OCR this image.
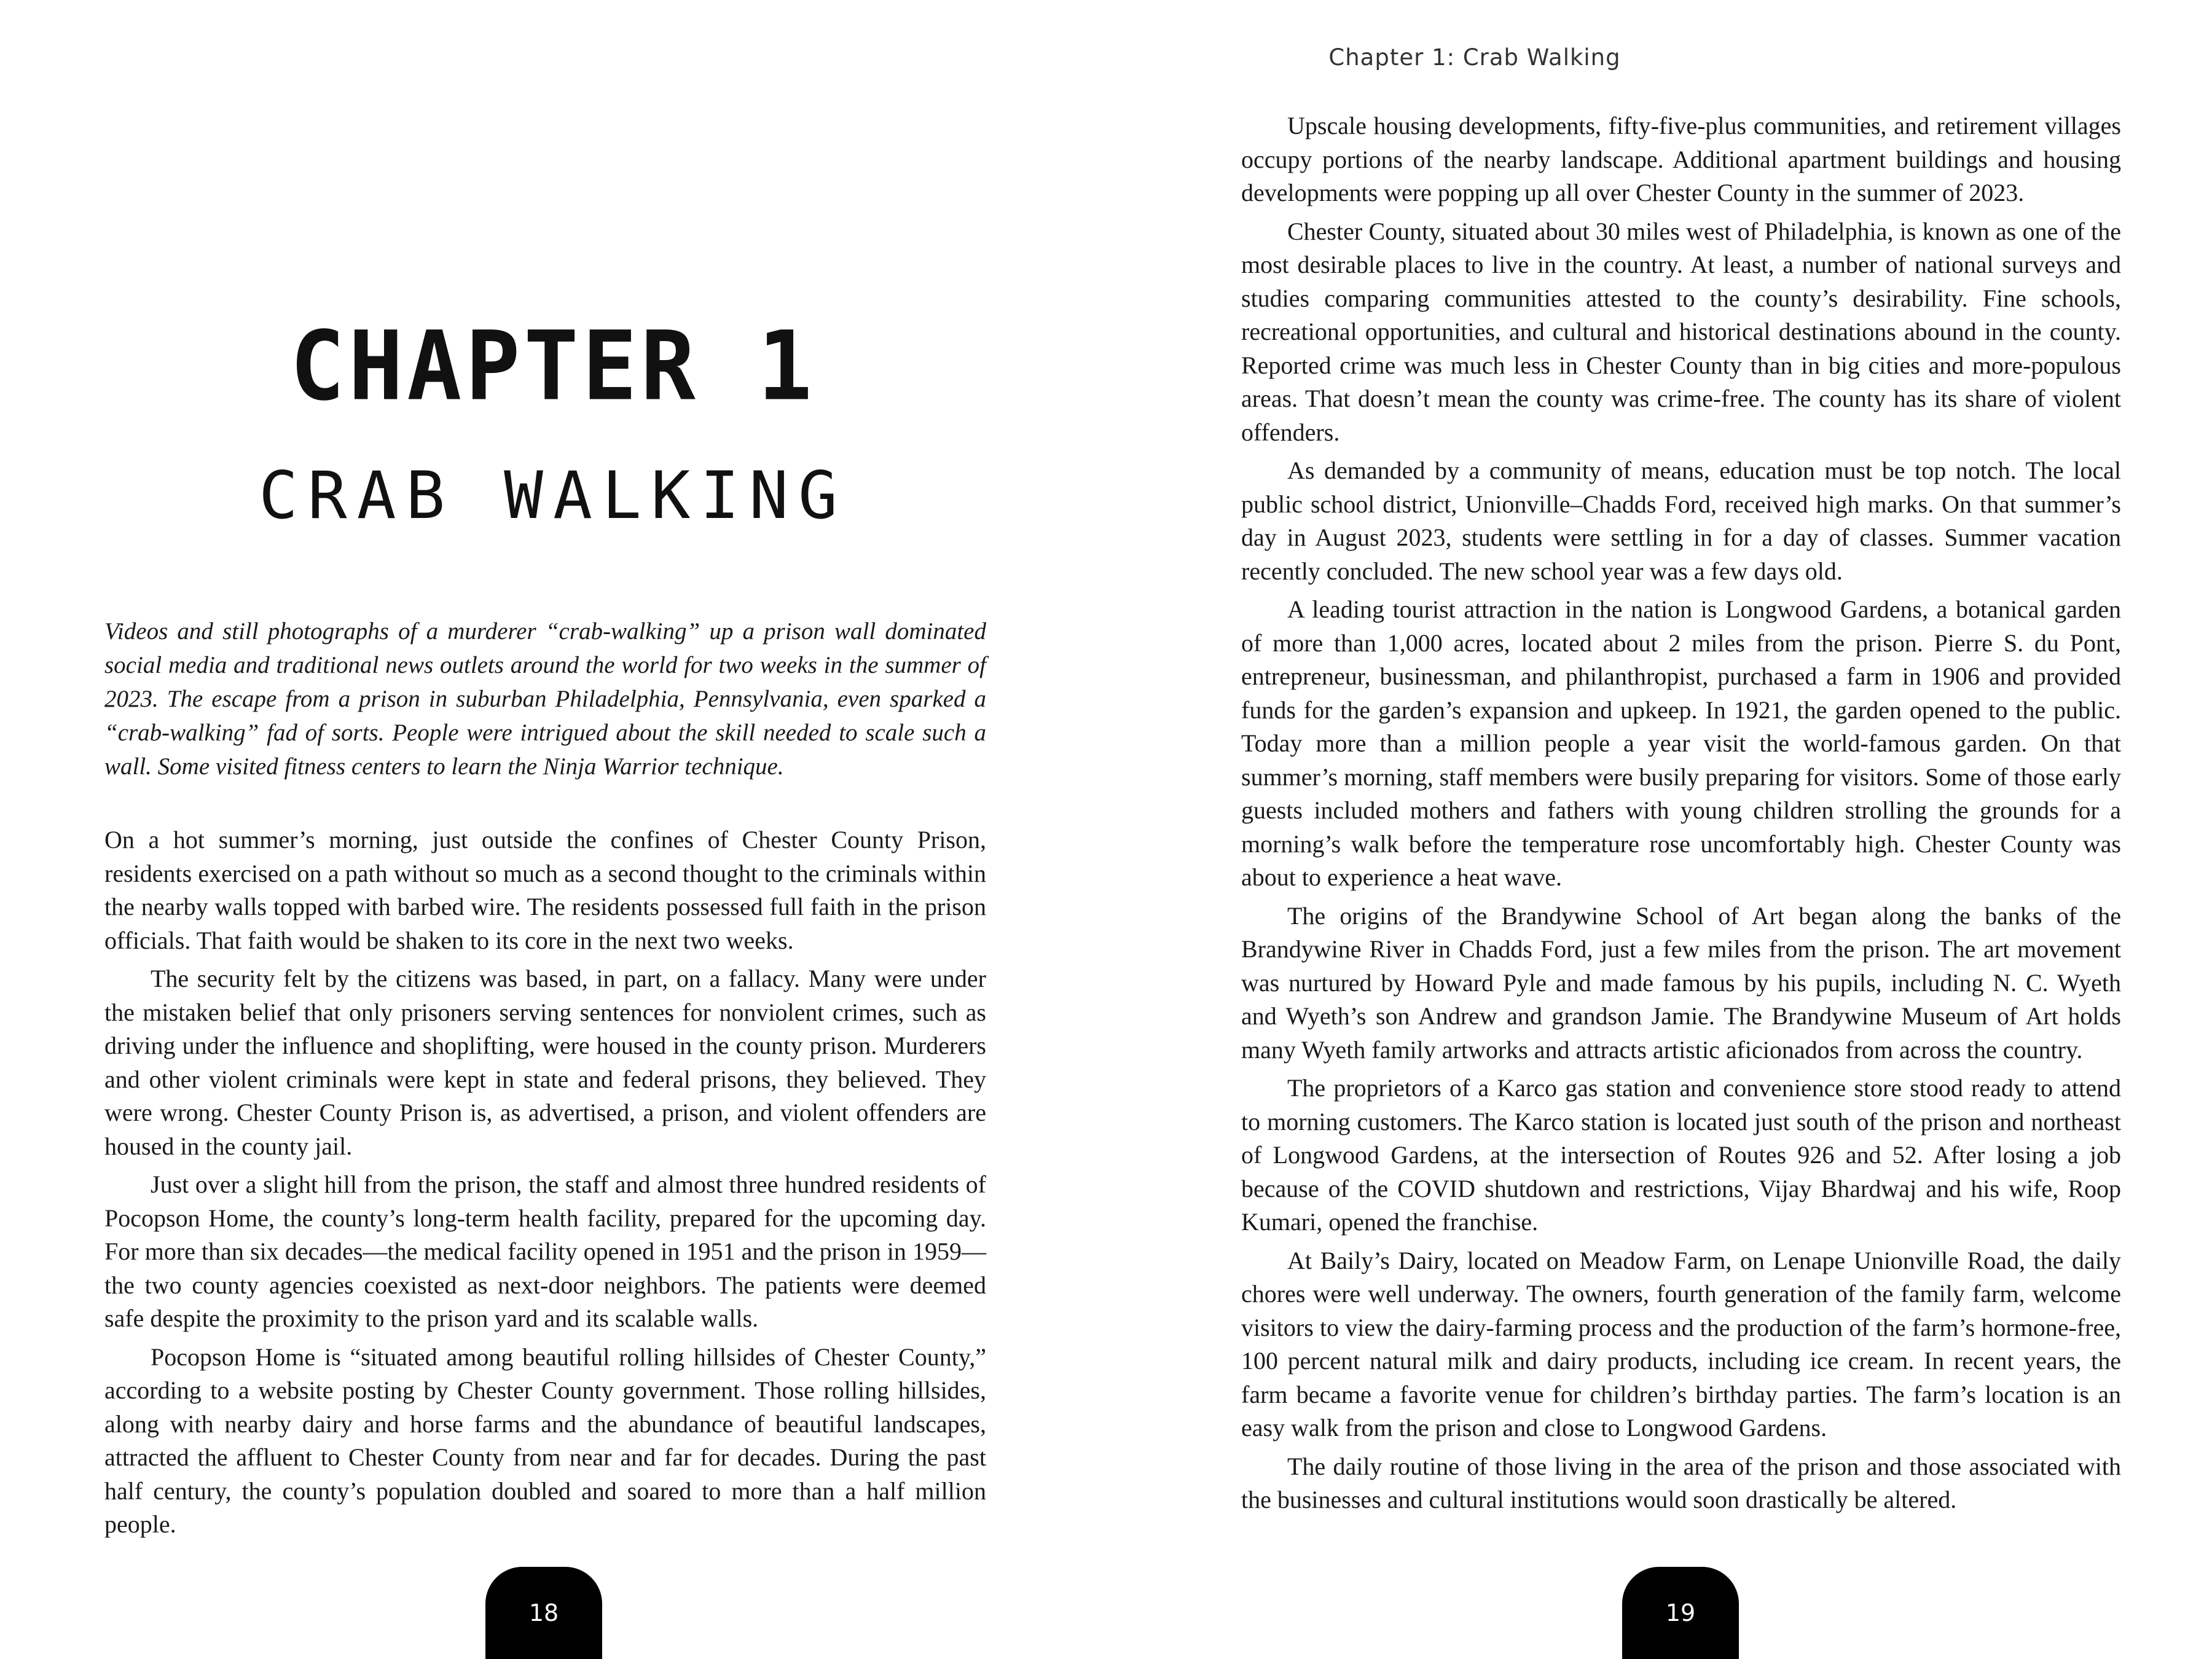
CHAPTER 1
CRAB WALKING

Videos and still photographs of a murderer “crab-walking” up a prison wall dominated social media and traditional news outlets around the world for two weeks in the summer of 2023. The escape from a prison in suburban Philadelphia, Pennsylvania, even sparked a “crab-walking” fad of sorts. People were intrigued about the skill needed to scale such a wall. Some visited fitness centers to learn the Ninja Warrior technique.

On a hot summer’s morning, just outside the confines of Chester County Prison, residents exercised on a path without so much as a second thought to the criminals within the nearby walls topped with barbed wire. The residents possessed full faith in the prison officials. That faith would be shaken to its core in the next two weeks.

The security felt by the citizens was based, in part, on a fallacy. Many were under the mistaken belief that only prisoners serving sentences for nonviolent crimes, such as driving under the influence and shoplifting, were housed in the county prison. Murderers and other violent criminals were kept in state and federal prisons, they believed. They were wrong. Chester County Prison is, as advertised, a prison, and violent offenders are housed in the county jail.

Just over a slight hill from the prison, the staff and almost three hundred residents of Pocopson Home, the county’s long-term health facility, prepared for the upcoming day. For more than six decades—the medical facility opened in 1951 and the prison in 1959—the two county agencies coexisted as next-door neighbors. The patients were deemed safe despite the proximity to the prison yard and its scalable walls.

Pocopson Home is “situated among beautiful rolling hillsides of Chester County,” according to a website posting by Chester County government. Those rolling hillsides, along with nearby dairy and horse farms and the abundance of beautiful landscapes, attracted the affluent to Chester County from near and far for decades. During the past half century, the county’s population doubled and soared to more than a half million people.

18
Chapter 1: Crab Walking

Upscale housing developments, fifty-five-plus communities, and retirement villages occupy portions of the nearby landscape. Additional apartment buildings and housing developments were popping up all over Chester County in the summer of 2023.

Chester County, situated about 30 miles west of Philadelphia, is known as one of the most desirable places to live in the country. At least, a number of national surveys and studies comparing communities attested to the county’s desirability. Fine schools, recreational opportunities, and cultural and historical destinations abound in the county. Reported crime was much less in Chester County than in big cities and more-populous areas. That doesn’t mean the county was crime-free. The county has its share of violent offenders.

As demanded by a community of means, education must be top notch. The local public school district, Unionville–Chadds Ford, received high marks. On that summer’s day in August 2023, students were settling in for a day of classes. Summer vacation recently concluded. The new school year was a few days old.

A leading tourist attraction in the nation is Longwood Gardens, a botanical garden of more than 1,000 acres, located about 2 miles from the prison. Pierre S. du Pont, entrepreneur, businessman, and philanthropist, purchased a farm in 1906 and provided funds for the garden’s expansion and upkeep. In 1921, the garden opened to the public. Today more than a million people a year visit the world-famous garden. On that summer’s morning, staff members were busily preparing for visitors. Some of those early guests included mothers and fathers with young children strolling the grounds for a morning’s walk before the temperature rose uncomfortably high. Chester County was about to experience a heat wave.

The origins of the Brandywine School of Art began along the banks of the Brandywine River in Chadds Ford, just a few miles from the prison. The art movement was nurtured by Howard Pyle and made famous by his pupils, including N. C. Wyeth and Wyeth’s son Andrew and grandson Jamie. The Brandywine Museum of Art holds many Wyeth family artworks and attracts artistic aficionados from across the country.

The proprietors of a Karco gas station and convenience store stood ready to attend to morning customers. The Karco station is located just south of the prison and northeast of Longwood Gardens, at the intersection of Routes 926 and 52. After losing a job because of the COVID shutdown and restrictions, Vijay Bhardwaj and his wife, Roop Kumari, opened the franchise.

At Baily’s Dairy, located on Meadow Farm, on Lenape Unionville Road, the daily chores were well underway. The owners, fourth generation of the family farm, welcome visitors to view the dairy-farming process and the production of the farm’s hormone-free, 100 percent natural milk and dairy products, including ice cream. In recent years, the farm became a favorite venue for children’s birthday parties. The farm’s location is an easy walk from the prison and close to Longwood Gardens.

The daily routine of those living in the area of the prison and those associated with the businesses and cultural institutions would soon drastically be altered.

19
